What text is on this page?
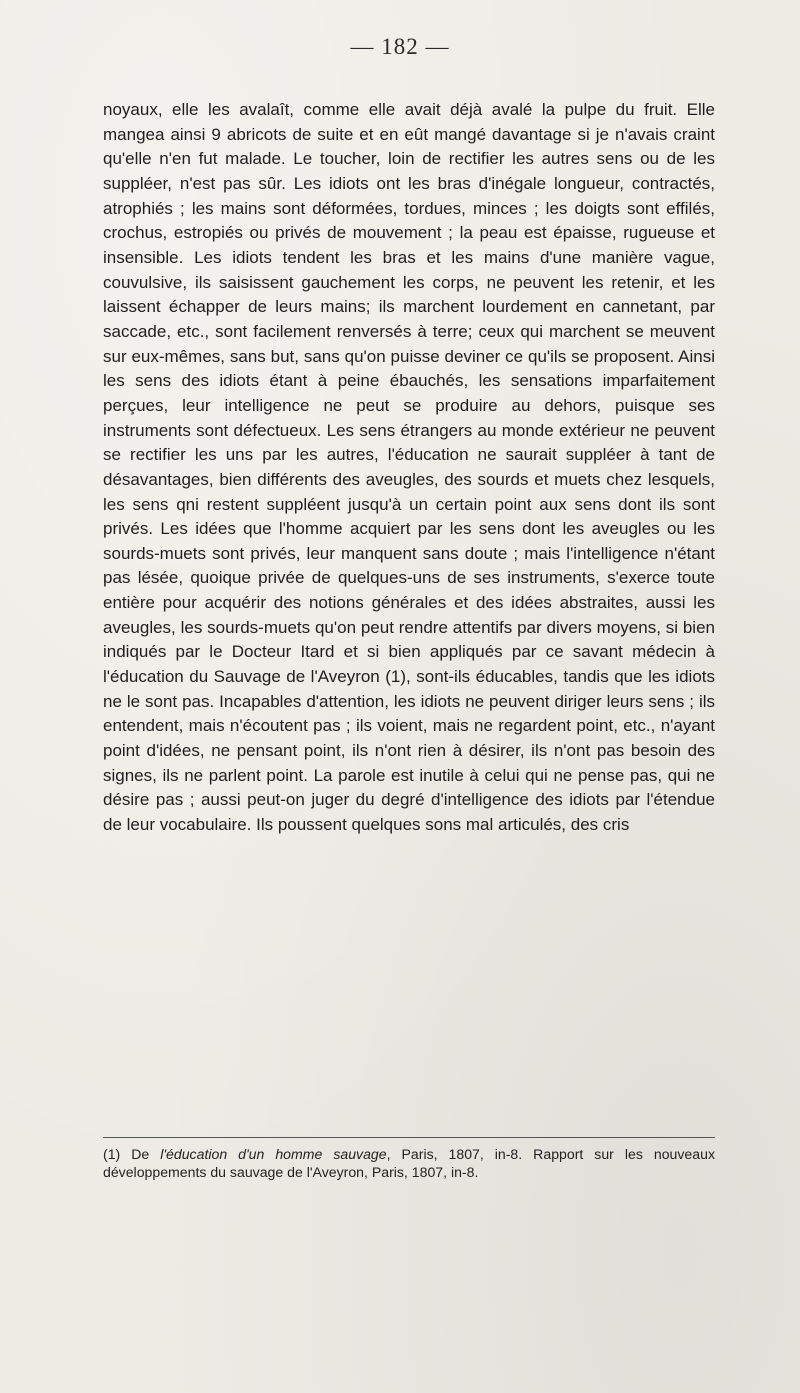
— 182 —

noyaux, elle les avalaît, comme elle avait déjà avalé la pulpe du fruit. Elle mangea ainsi 9 abricots de suite et en eût mangé davantage si je n'avais craint qu'elle n'en fut malade. Le toucher, loin de rectifier les autres sens ou de les suppléer, n'est pas sûr. Les idiots ont les bras d'inégale longueur, contractés, atrophiés ; les mains sont déformées, tordues, minces ; les doigts sont effilés, crochus, estropiés ou privés de mouvement ; la peau est épaisse, rugueuse et insensible. Les idiots tendent les bras et les mains d'une manière vague, couvulsive, ils saisissent gauchement les corps, ne peuvent les retenir, et les laissent échapper de leurs mains; ils marchent lourdement en cannetant, par saccade, etc., sont facilement renversés à terre; ceux qui marchent se meuvent sur eux-mêmes, sans but, sans qu'on puisse deviner ce qu'ils se proposent. Ainsi les sens des idiots étant à peine ébauchés, les sensations imparfaitement perçues, leur intelligence ne peut se produire au dehors, puisque ses instruments sont défectueux. Les sens étrangers au monde extérieur ne peuvent se rectifier les uns par les autres, l'éducation ne saurait suppléer à tant de désavantages, bien différents des aveugles, des sourds et muets chez lesquels, les sens qni restent suppléent jusqu'à un certain point aux sens dont ils sont privés. Les idées que l'homme acquiert par les sens dont les aveugles ou les sourds-muets sont privés, leur manquent sans doute ; mais l'intelligence n'étant pas lésée, quoique privée de quelques-uns de ses instruments, s'exerce toute entière pour acquérir des notions générales et des idées abstraites, aussi les aveugles, les sourds-muets qu'on peut rendre attentifs par divers moyens, si bien indiqués par le Docteur Itard et si bien appliqués par ce savant médecin à l'éducation du Sauvage de l'Aveyron (1), sont-ils éducables, tandis que les idiots ne le sont pas. Incapables d'attention, les idiots ne peuvent diriger leurs sens ; ils entendent, mais n'écoutent pas ; ils voient, mais ne regardent point, etc., n'ayant point d'idées, ne pensant point, ils n'ont rien à désirer, ils n'ont pas besoin des signes, ils ne parlent point. La parole est inutile à celui qui ne pense pas, qui ne désire pas ; aussi peut-on juger du degré d'intelligence des idiots par l'étendue de leur vocabulaire. Ils poussent quelques sons mal articulés, des cris

(1) De l'éducation d'un homme sauvage, Paris, 1807, in-8. Rapport sur les nouveaux développements du sauvage de l'Aveyron, Paris, 1807, in-8.
